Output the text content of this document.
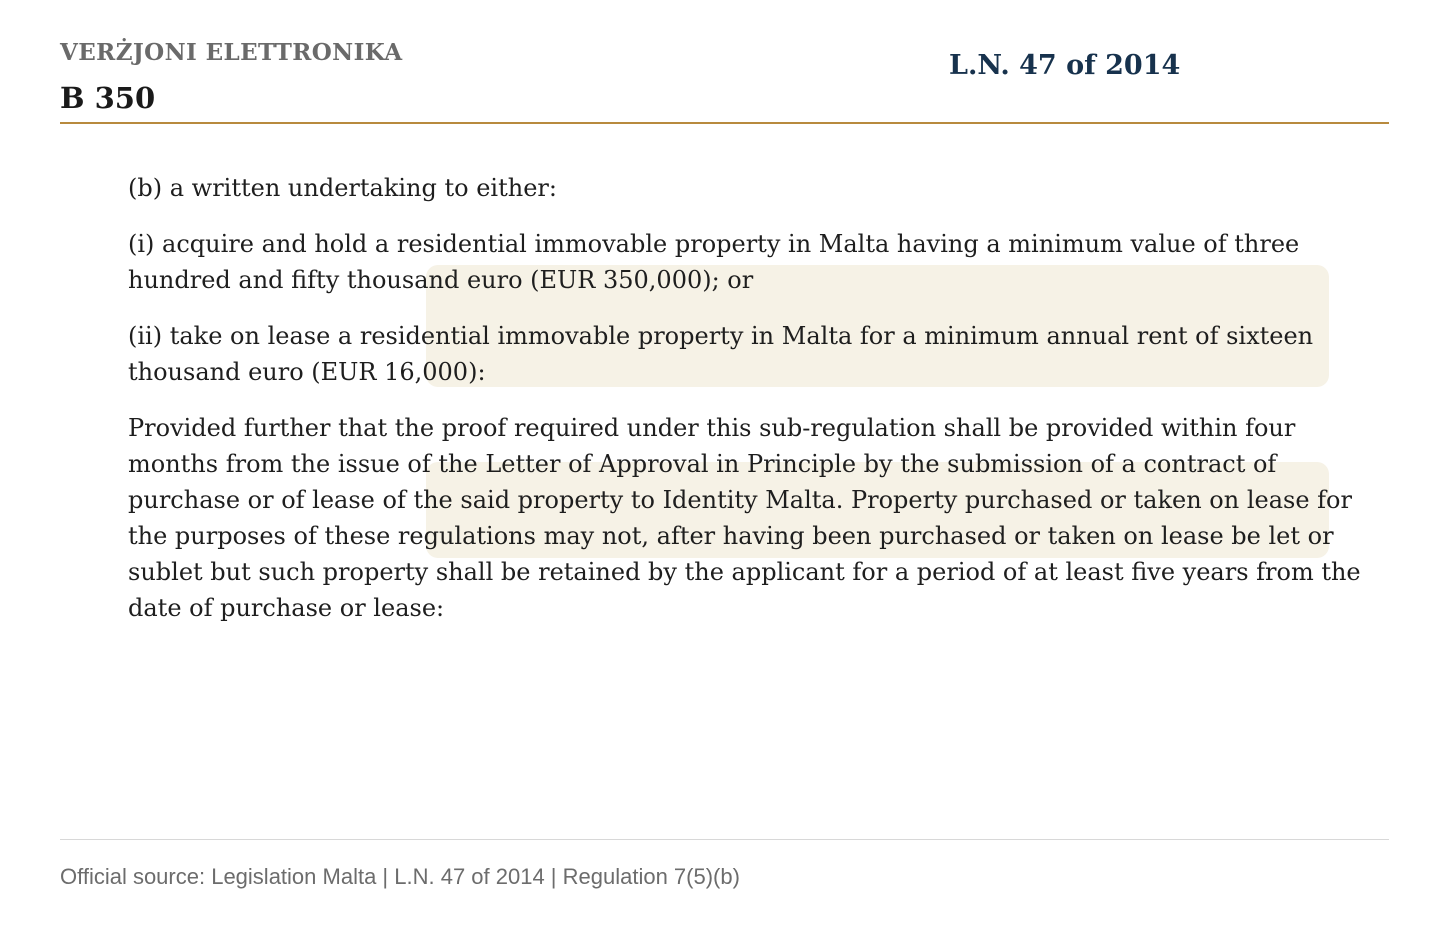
VERŻJONI ELETTRONIKA
B 350
L.N. 47 of 2014

(b) a written undertaking to either:

(i) acquire and hold a residential immovable property in Malta having a minimum value of three hundred and fifty thousand euro (EUR 350,000); or

(ii) take on lease a residential immovable property in Malta for a minimum annual rent of sixteen thousand euro (EUR 16,000):

Provided further that the proof required under this sub-regulation shall be provided within four months from the issue of the Letter of Approval in Principle by the submission of a contract of purchase or of lease of the said property to Identity Malta. Property purchased or taken on lease for the purposes of these regulations may not, after having been purchased or taken on lease be let or sublet but such property shall be retained by the applicant for a period of at least five years from the date of purchase or lease:

Official source: Legislation Malta | L.N. 47 of 2014 | Regulation 7(5)(b)
